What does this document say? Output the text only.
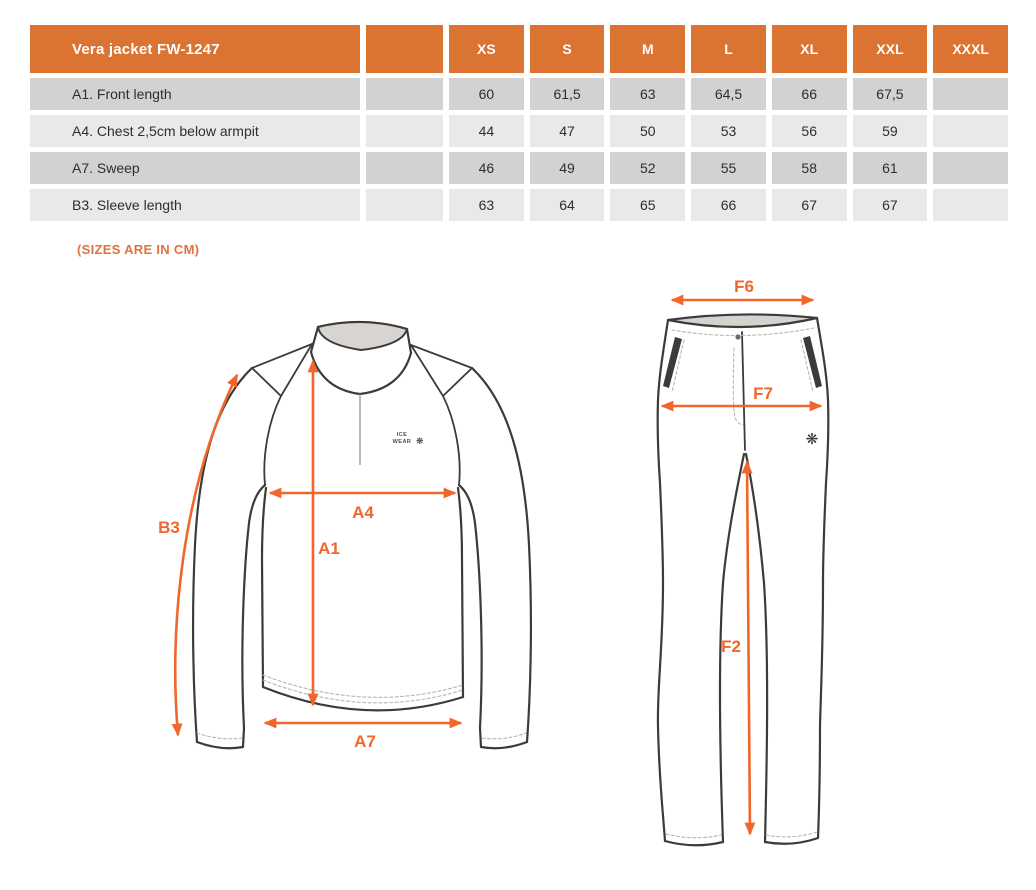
Vera jacket FW-1247	XS	S	M	L	XL	XXL	XXXL
A1. Front length	60	61,5	63	64,5	66	67,5
A4. Chest 2,5cm below armpit	44	47	50	53	56	59
A7. Sweep	46	49	52	55	58	61
B3. Sleeve length	63	64	65	66	67	67
(SIZES ARE IN CM)
ICE
WEAR ❋
B3
A1
A4
A7
❋
F6
F7
F2
